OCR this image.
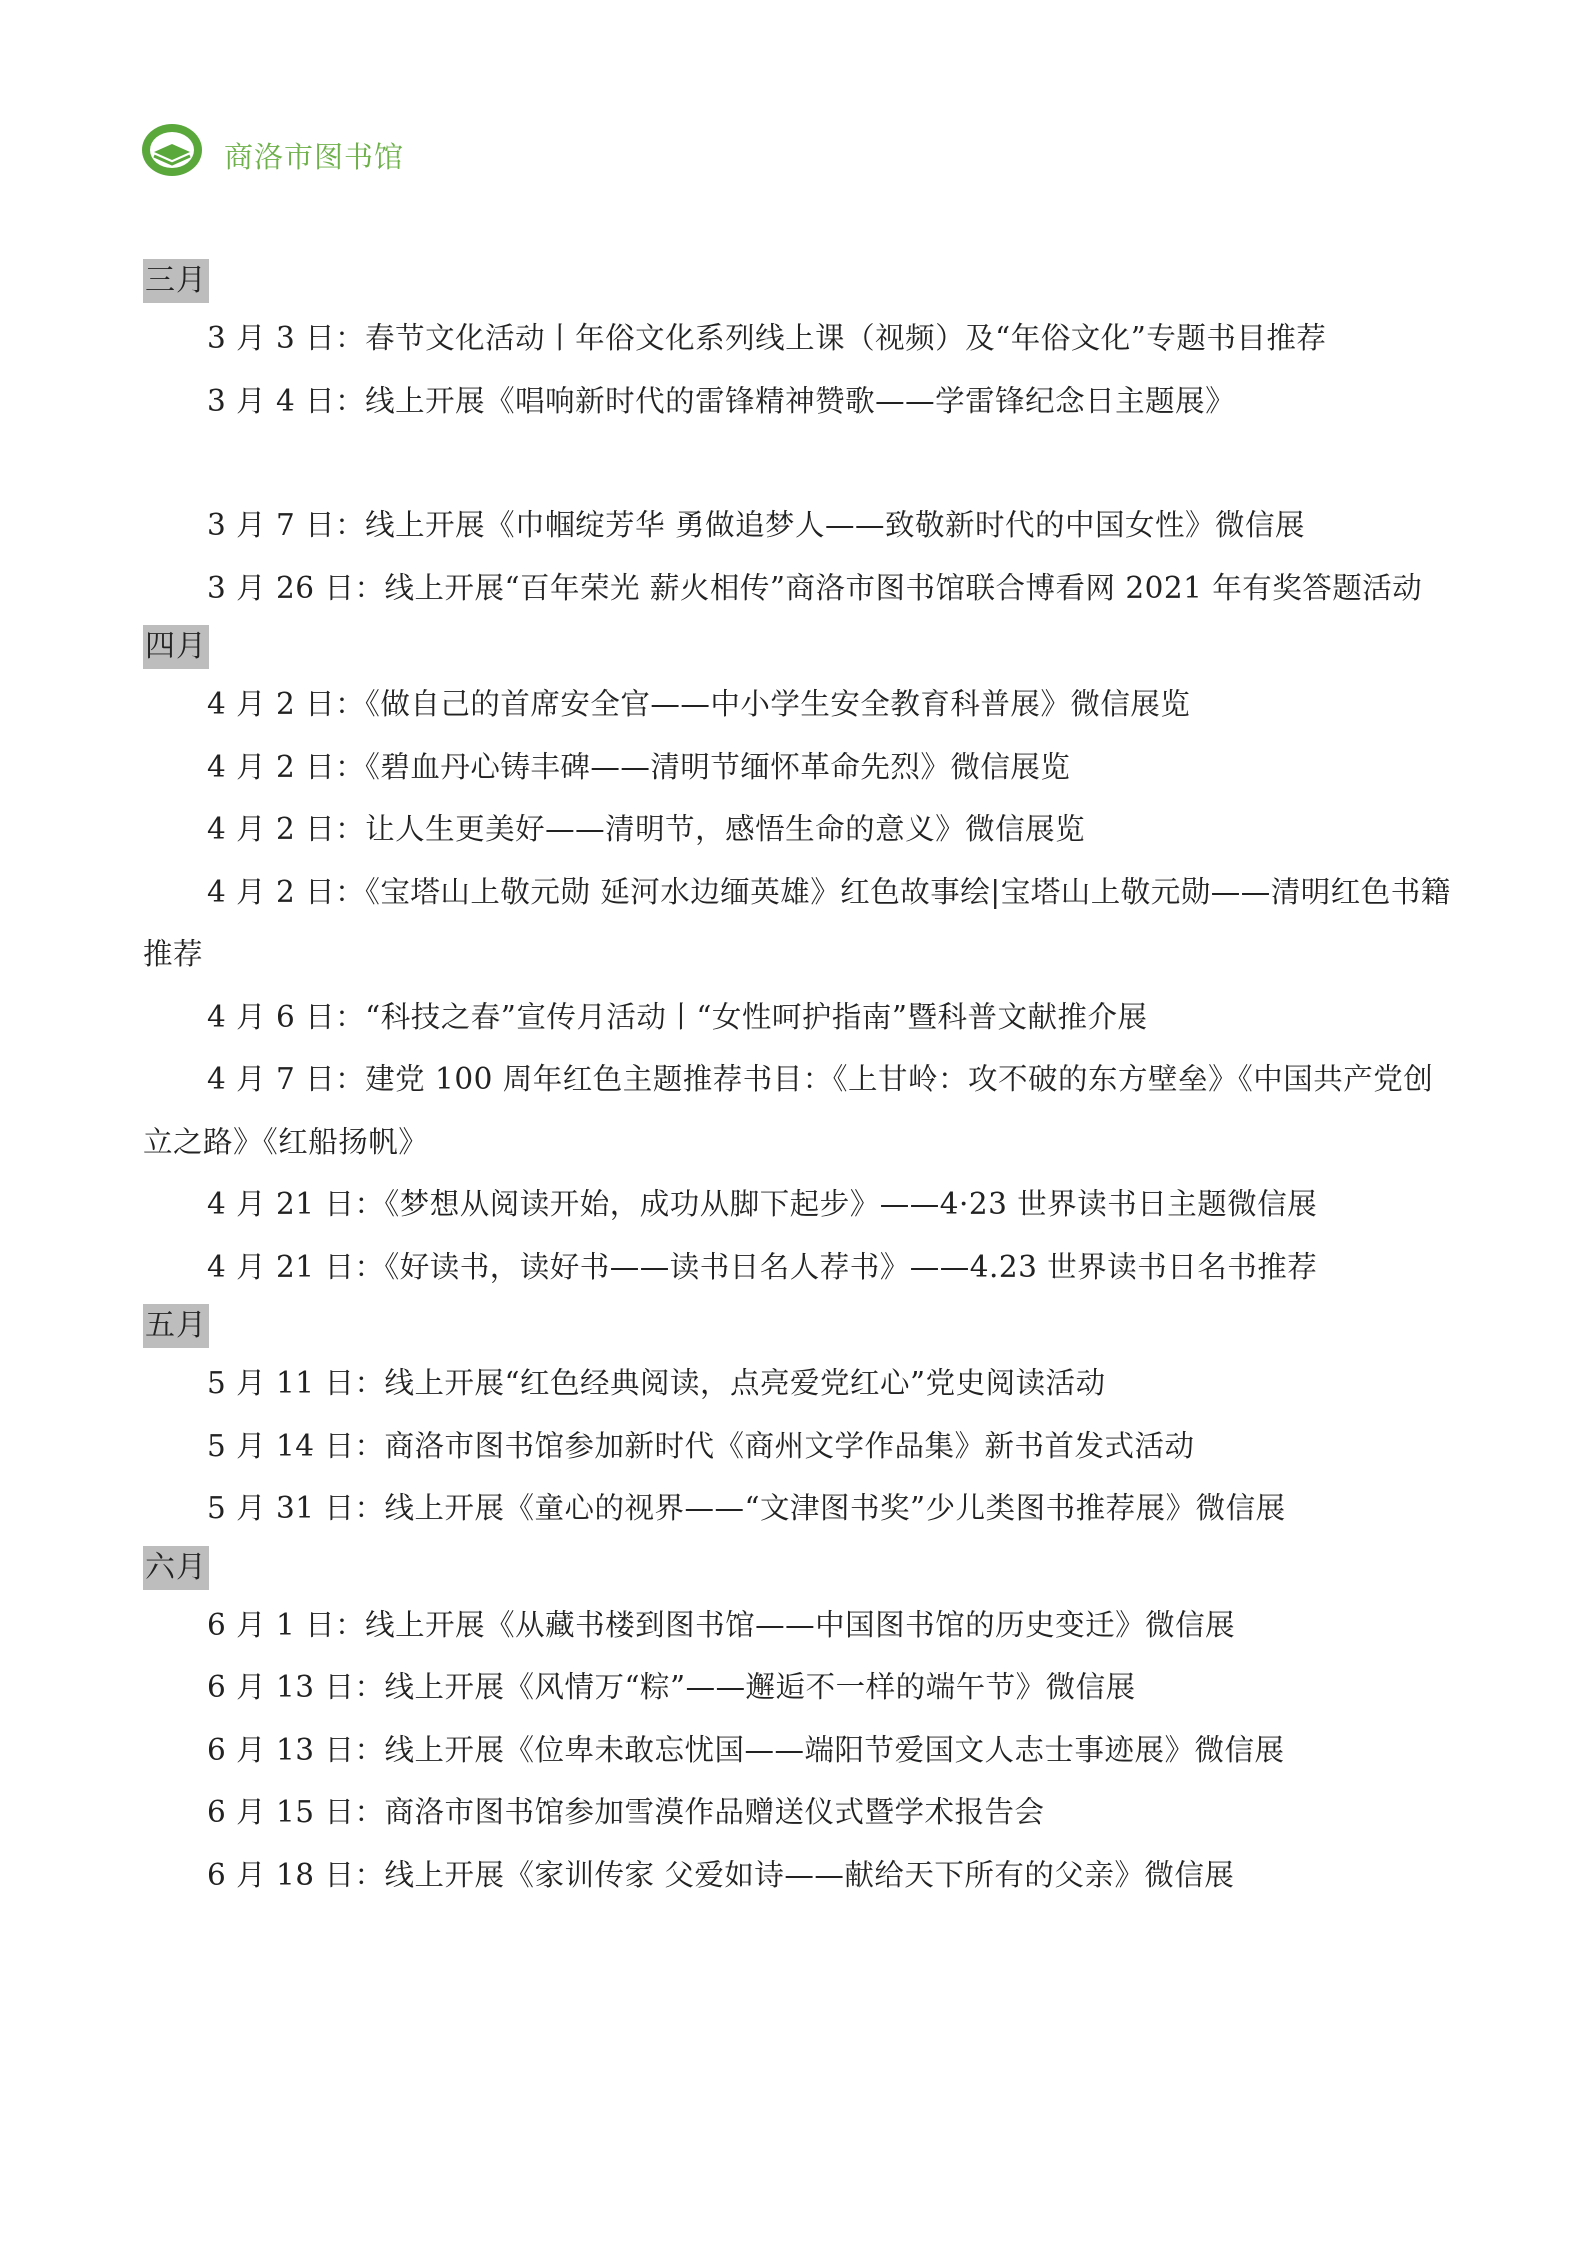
商洛市图书馆
三月

3 月 3 日：春节文化活动丨年俗文化系列线上课（视频）及“年俗文化”专题书目推荐

3 月 4 日：线上开展《唱响新时代的雷锋精神赞歌——学雷锋纪念日主题展》

3 月 7 日：线上开展《巾帼绽芳华 勇做追梦人——致敬新时代的中国女性》微信展

3 月 26 日：线上开展“百年荣光 薪火相传”商洛市图书馆联合博看网 2021 年有奖答题活动

四月

4 月 2 日：《做自己的首席安全官——中小学生安全教育科普展》微信展览

4 月 2 日：《碧血丹心铸丰碑——清明节缅怀革命先烈》微信展览

4 月 2 日：让人生更美好——清明节，感悟生命的意义》微信展览

4 月 2 日：《宝塔山上敬元勋 延河水边缅英雄》红色故事绘|宝塔山上敬元勋——清明红色书籍推荐

4 月 6 日：“科技之春”宣传月活动丨“女性呵护指南”暨科普文献推介展

4 月 7 日：建党 100 周年红色主题推荐书目：《上甘岭：攻不破的东方壁垒》《中国共产党创立之路》《红船扬帆》

4 月 21 日：《梦想从阅读开始，成功从脚下起步》——4·23 世界读书日主题微信展

4 月 21 日：《好读书，读好书——读书日名人荐书》——4.23 世界读书日名书推荐

五月

5 月 11 日：线上开展“红色经典阅读，点亮爱党红心”党史阅读活动

5 月 14 日：商洛市图书馆参加新时代《商州文学作品集》新书首发式活动

5 月 31 日：线上开展《童心的视界——“文津图书奖”少儿类图书推荐展》微信展

六月

6 月 1 日：线上开展《从藏书楼到图书馆——中国图书馆的历史变迁》微信展

6 月 13 日：线上开展《风情万“粽”——邂逅不一样的端午节》微信展

6 月 13 日：线上开展《位卑未敢忘忧国——端阳节爱国文人志士事迹展》微信展

6 月 15 日：商洛市图书馆参加雪漠作品赠送仪式暨学术报告会

6 月 18 日：线上开展《家训传家 父爱如诗——献给天下所有的父亲》微信展
